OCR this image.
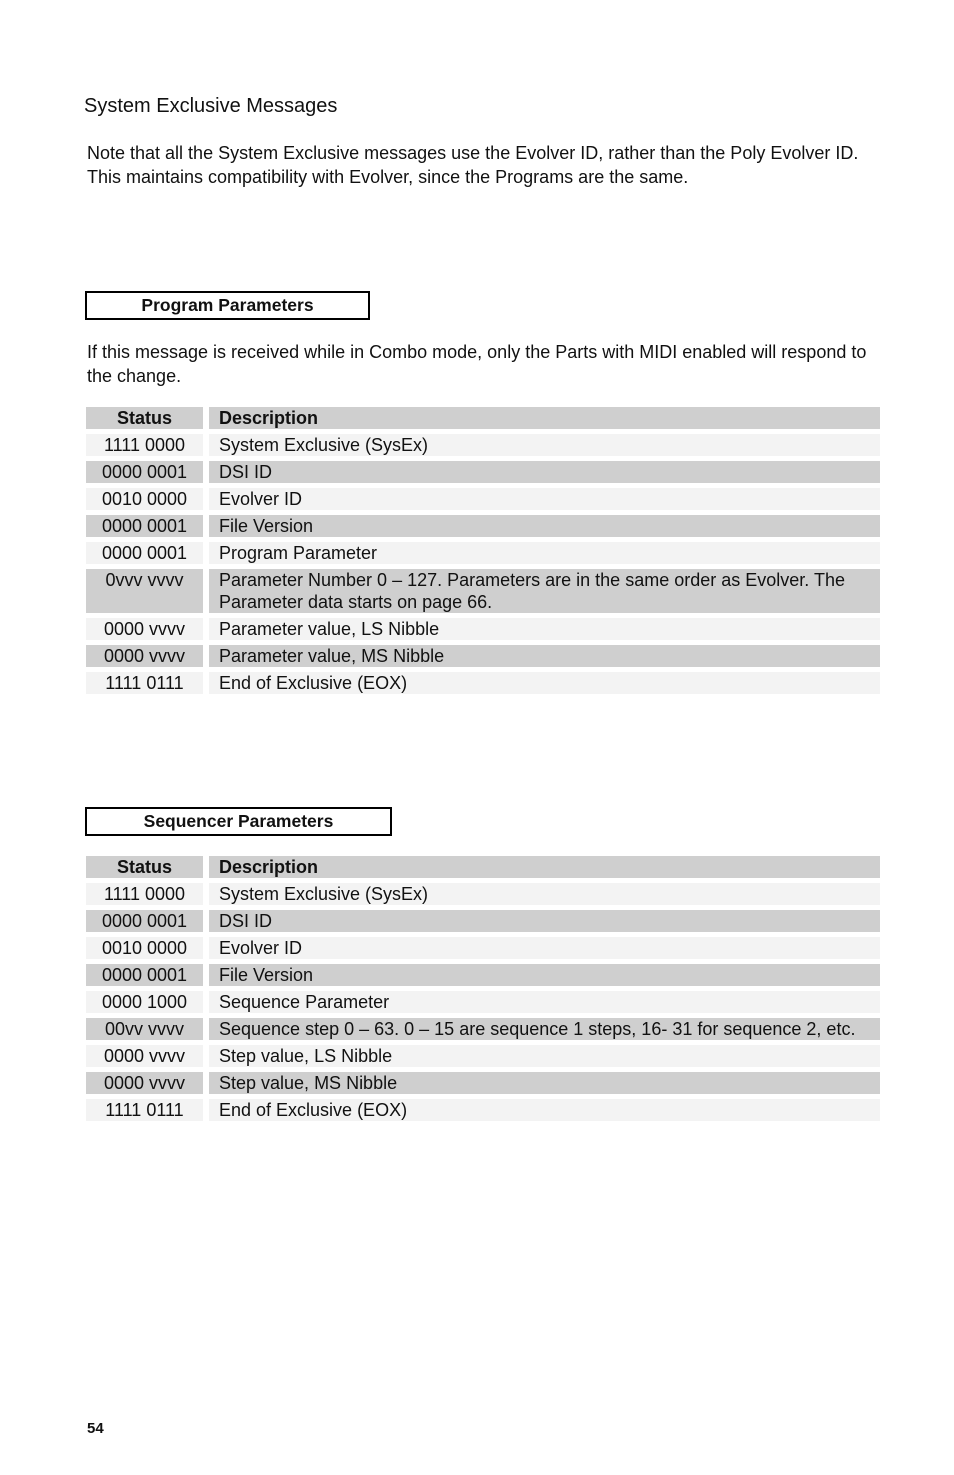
System Exclusive Messages
Note that all the System Exclusive messages use the Evolver ID, rather than the Poly Evolver ID. This maintains compatibility with Evolver, since the Programs are the same.
Program Parameters
If this message is received while in Combo mode, only the Parts with MIDI enabled will respond to the change.
Status		Description
1111 0000		System Exclusive (SysEx)
0000 0001		DSI ID
0010 0000		Evolver ID
0000 0001		File Version
0000 0001		Program Parameter
0vvv vvvv		Parameter Number 0 – 127. Parameters are in the same order as Evolver. The Parameter data starts on page 66.
0000 vvvv		Parameter value, LS Nibble
0000 vvvv		Parameter value, MS Nibble
1111 0111		End of Exclusive (EOX)
Sequencer Parameters
Status		Description
1111 0000		System Exclusive (SysEx)
0000 0001		DSI ID
0010 0000		Evolver ID
0000 0001		File Version
0000 1000		Sequence Parameter
00vv vvvv		Sequence step 0 – 63. 0 – 15 are sequence 1 steps, 16- 31 for sequence 2, etc.
0000 vvvv		Step value, LS Nibble
0000 vvvv		Step value, MS Nibble
1111 0111		End of Exclusive (EOX)
54
